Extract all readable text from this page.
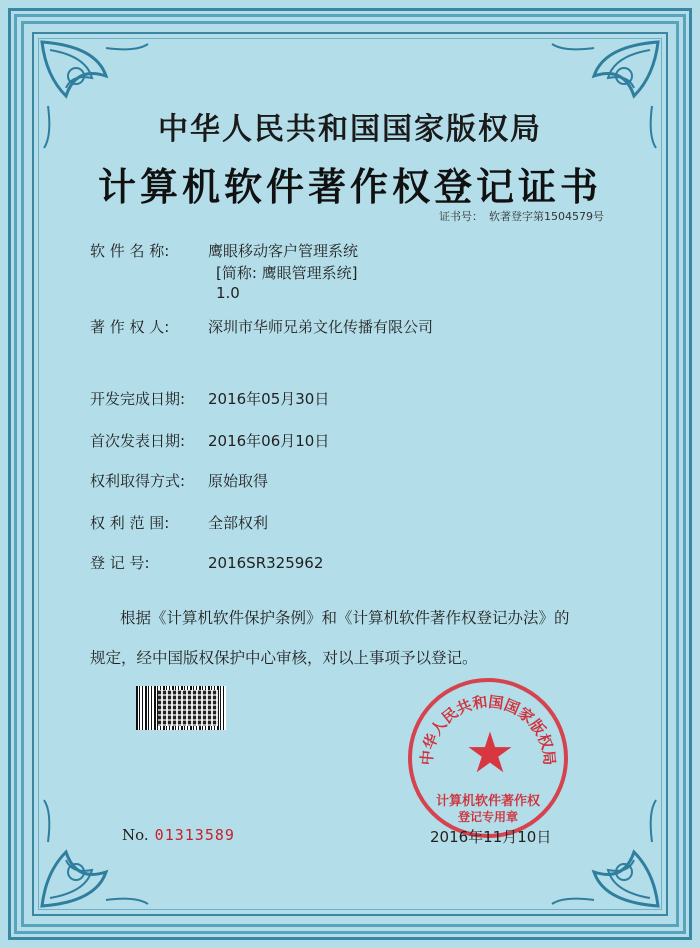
中华人民共和国国家版权局
计算机软件著作权登记证书
证书号： 软著登字第1504579号
软 件 名 称:	鹰眼移动客户管理系统
[简称: 鹰眼管理系统]
1.0
著 作 权 人:	深圳市华师兄弟文化传播有限公司
开发完成日期: 2016年05月30日
首次发表日期: 2016年06月10日
权利取得方式: 原始取得
权 利 范 围:	全部权利
登 记 号:	2016SR325962
根据《计算机软件保护条例》和《计算机软件著作权登记办法》的
规定，经中国版权保护中心审核，对以上事项予以登记。
中华人民共和国国家版权局
★
计算机软件著作权
登记专用章
No. 01313589	2016年11月10日
